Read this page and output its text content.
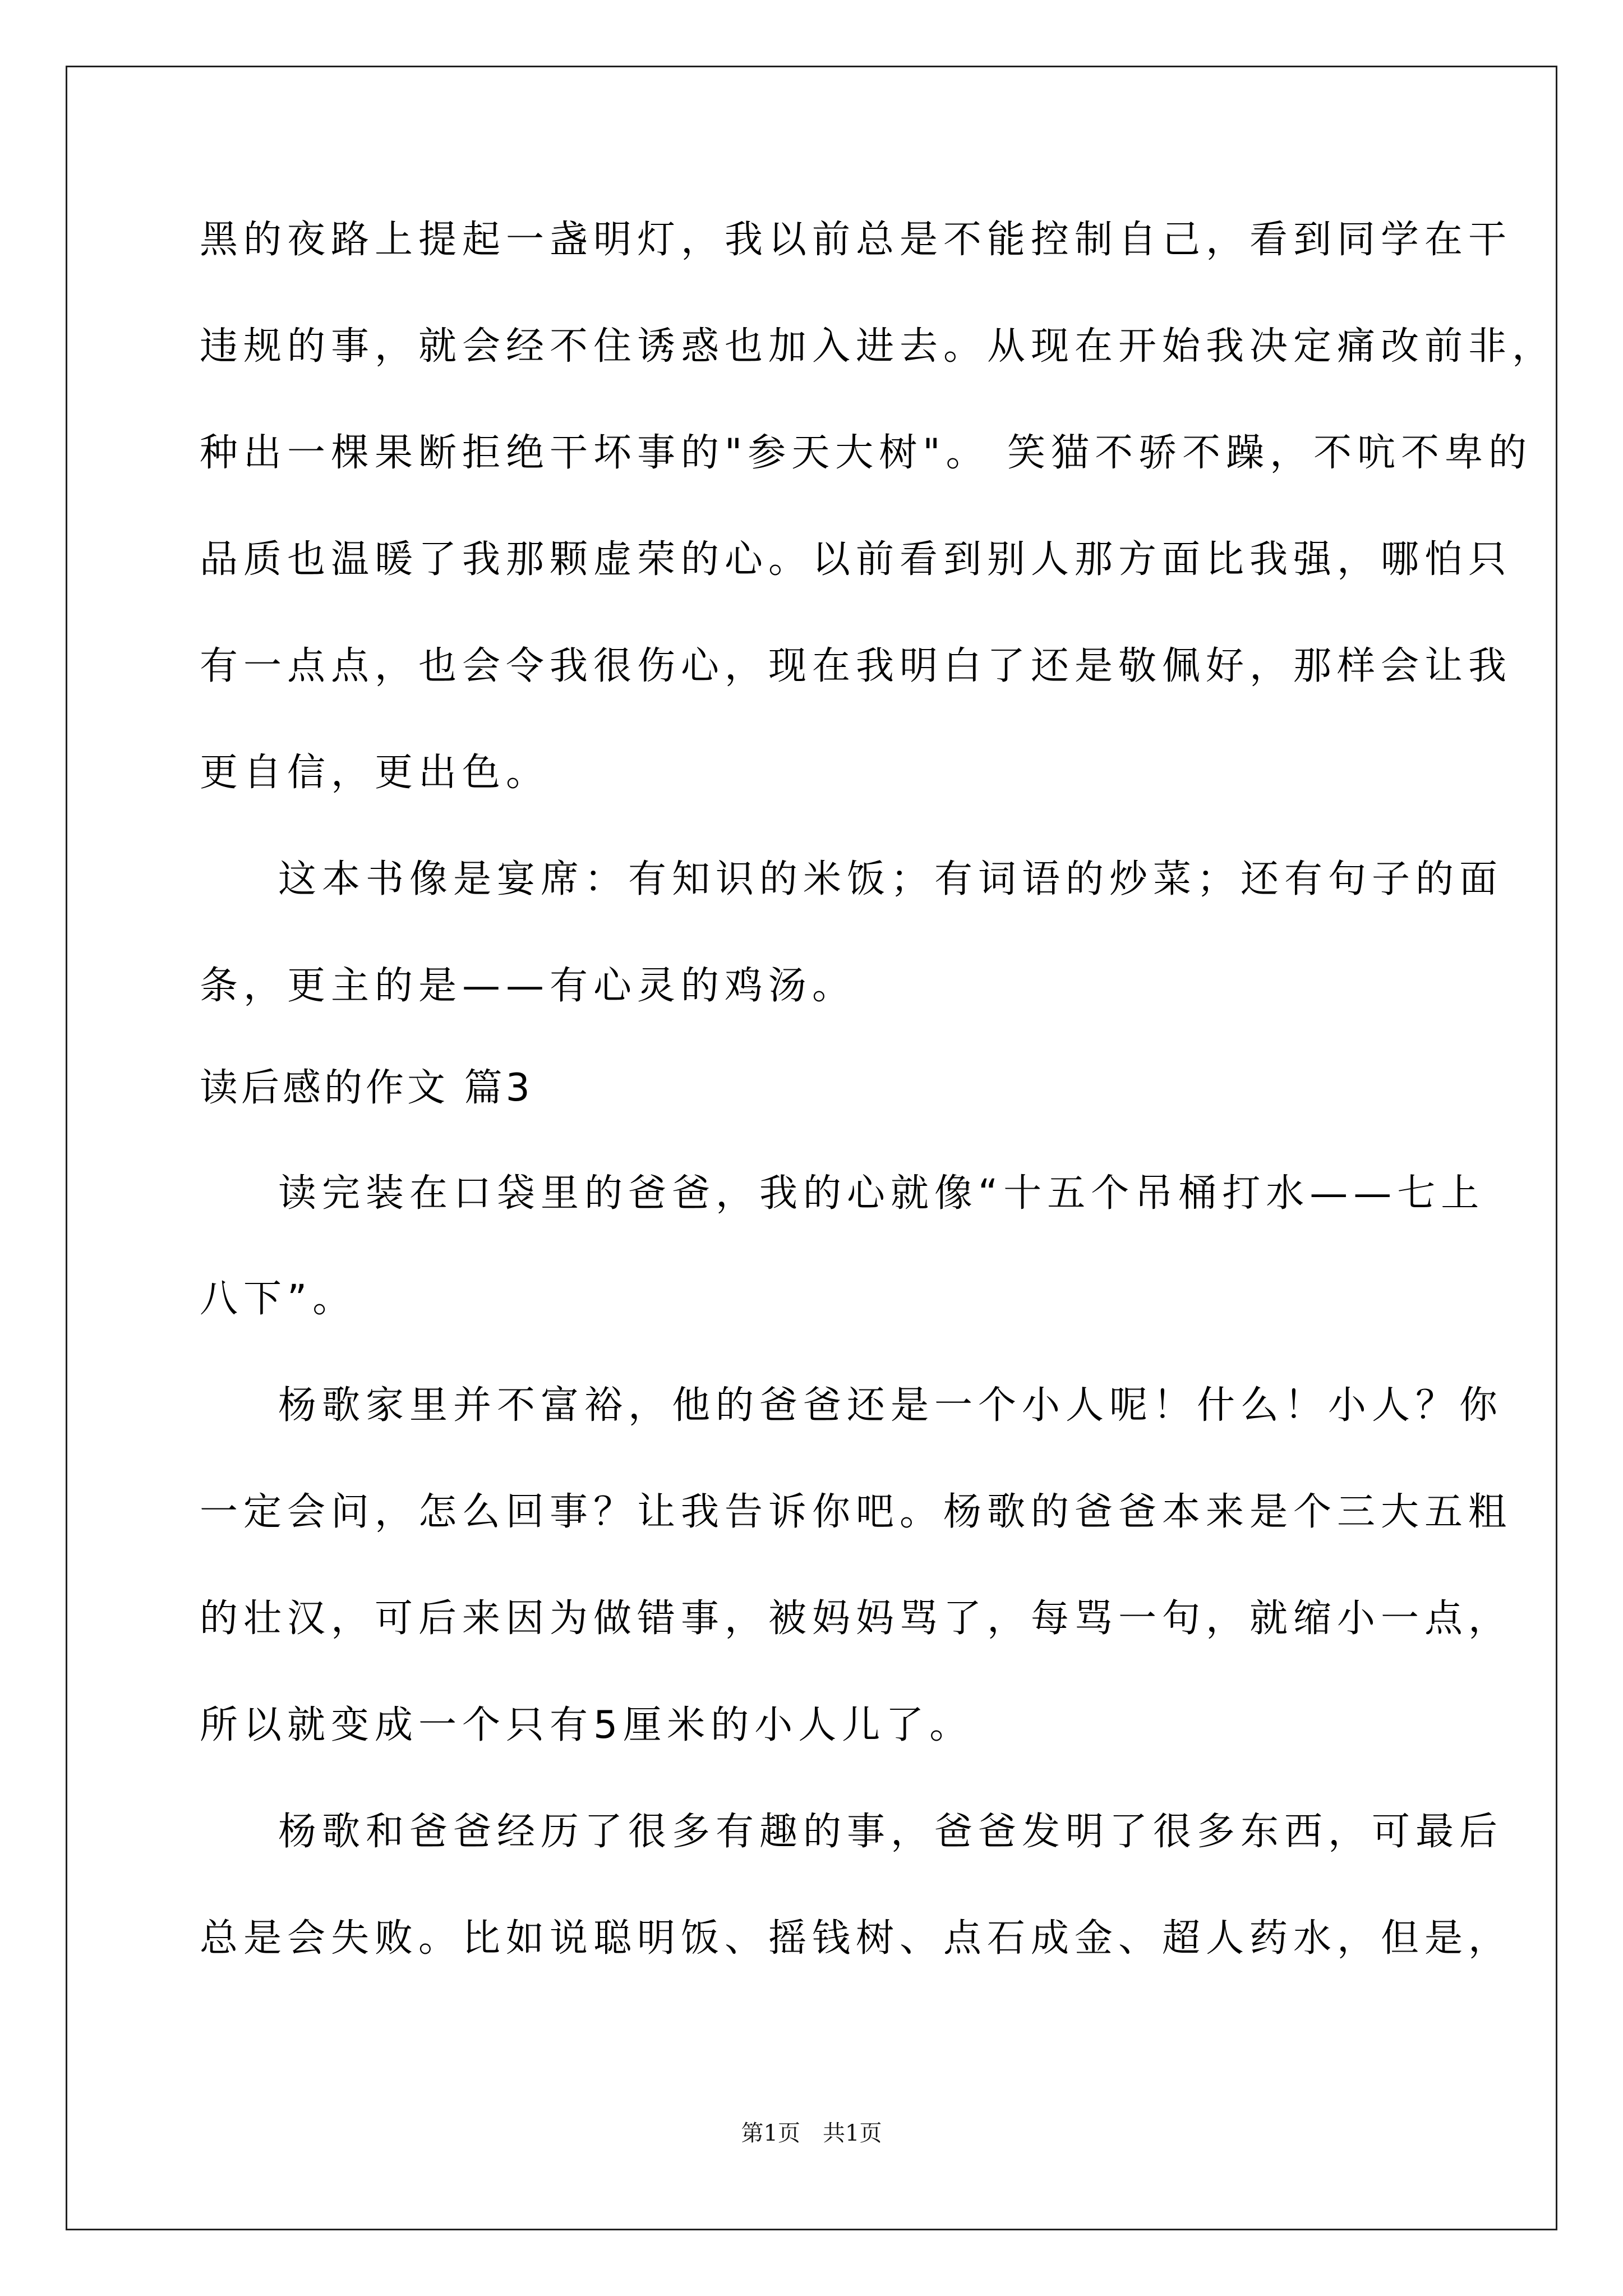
黑的夜路上提起一盏明灯，我以前总是不能控制自己，看到同学在干
违规的事，就会经不住诱惑也加入进去。从现在开始我决定痛改前非，
种出一棵果断拒绝干坏事的"参天大树"。 笑猫不骄不躁，不吭不卑的
品质也温暖了我那颗虚荣的心。以前看到别人那方面比我强，哪怕只
有一点点，也会令我很伤心，现在我明白了还是敬佩好，那样会让我
更自信，更出色。
这本书像是宴席：有知识的米饭；有词语的炒菜；还有句子的面
条，更主的是——有心灵的鸡汤。
读后感的作文 篇3
读完装在口袋里的爸爸，我的心就像“十五个吊桶打水——七上
八下”。
杨歌家里并不富裕，他的爸爸还是一个小人呢！什么！小人？你
一定会问，怎么回事？让我告诉你吧。杨歌的爸爸本来是个三大五粗
的壮汉，可后来因为做错事，被妈妈骂了，每骂一句，就缩小一点，
所以就变成一个只有5厘米的小人儿了。
杨歌和爸爸经历了很多有趣的事，爸爸发明了很多东西，可最后
总是会失败。比如说聪明饭、摇钱树、点石成金、超人药水，但是，
第1页　共1页
